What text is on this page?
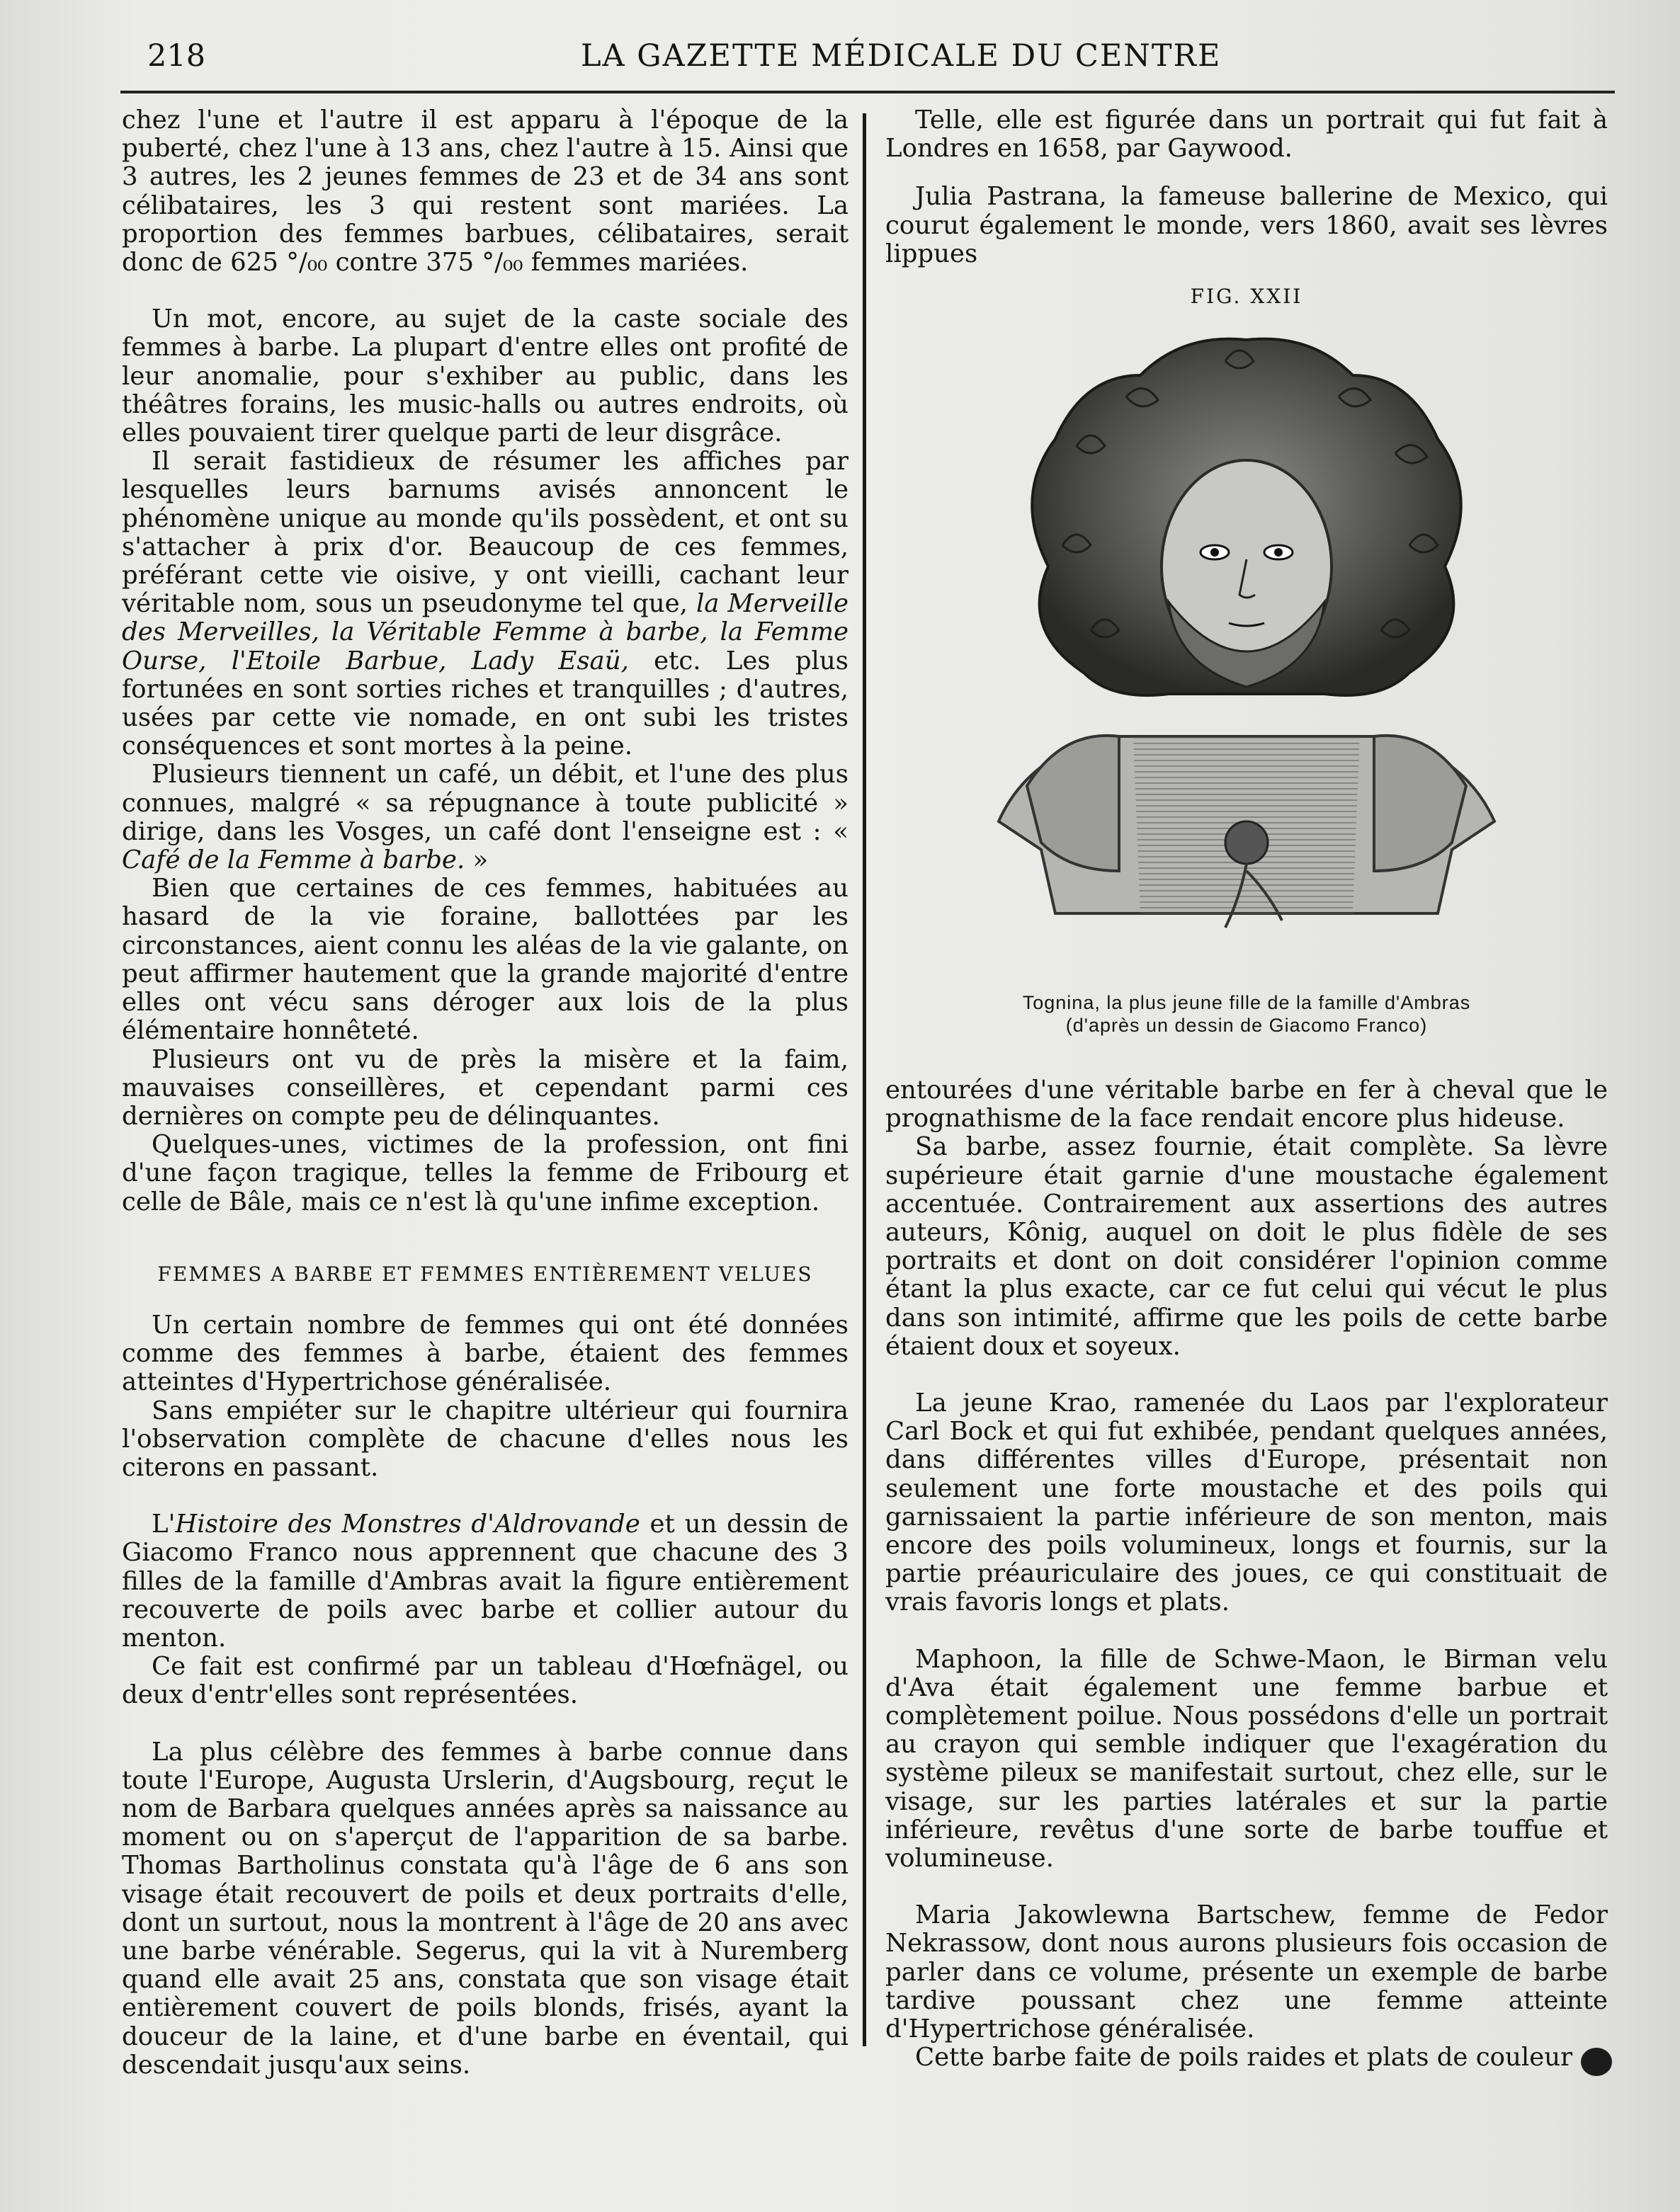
218	LA GAZETTE MÉDICALE DU CENTRE

chez l'une et l'autre il est apparu à l'époque de la puberté, chez l'une à 13 ans, chez l'autre à 15. Ainsi que 3 autres, les 2 jeunes femmes de 23 et de 34 ans sont célibataires, les 3 qui restent sont mariées. La proportion des femmes barbues, célibataires, serait donc de 625 °/₀₀ contre 375 °/₀₀ femmes mariées.

Un mot, encore, au sujet de la caste sociale des femmes à barbe. La plupart d'entre elles ont profité de leur anomalie, pour s'exhiber au public, dans les théâtres forains, les music-halls ou autres endroits, où elles pouvaient tirer quelque parti de leur disgrâce.

Il serait fastidieux de résumer les affiches par lesquelles leurs barnums avisés annoncent le phénomène unique au monde qu'ils possèdent, et ont su s'attacher à prix d'or. Beaucoup de ces femmes, préférant cette vie oisive, y ont vieilli, cachant leur véritable nom, sous un pseudonyme tel que, la Merveille des Merveilles, la Véritable Femme à barbe, la Femme Ourse, l'Etoile Barbue, Lady Esaü, etc. Les plus fortunées en sont sorties riches et tranquilles ; d'autres, usées par cette vie nomade, en ont subi les tristes conséquences et sont mortes à la peine.

Plusieurs tiennent un café, un débit, et l'une des plus connues, malgré « sa répugnance à toute publicité » dirige, dans les Vosges, un café dont l'enseigne est : « Café de la Femme à barbe. »

Bien que certaines de ces femmes, habituées au hasard de la vie foraine, ballottées par les circonstances, aient connu les aléas de la vie galante, on peut affirmer hautement que la grande majorité d'entre elles ont vécu sans déroger aux lois de la plus élémentaire honnêteté.

Plusieurs ont vu de près la misère et la faim, mauvaises conseillères, et cependant parmi ces dernières on compte peu de délinquantes.

Quelques-unes, victimes de la profession, ont fini d'une façon tragique, telles la femme de Fribourg et celle de Bâle, mais ce n'est là qu'une infime exception.

FEMMES A BARBE ET FEMMES ENTIÈREMENT VELUES

Un certain nombre de femmes qui ont été données comme des femmes à barbe, étaient des femmes atteintes d'Hypertrichose généralisée.

Sans empiéter sur le chapitre ultérieur qui fournira l'observation complète de chacune d'elles nous les citerons en passant.

L'Histoire des Monstres d'Aldrovande et un dessin de Giacomo Franco nous apprennent que chacune des 3 filles de la famille d'Ambras avait la figure entièrement recouverte de poils avec barbe et collier autour du menton.

Ce fait est confirmé par un tableau d'Hœfnägel, ou deux d'entr'elles sont représentées.

La plus célèbre des femmes à barbe connue dans toute l'Europe, Augusta Urslerin, d'Augsbourg, reçut le nom de Barbara quelques années après sa naissance au moment ou on s'aperçut de l'apparition de sa barbe. Thomas Bartholinus constata qu'à l'âge de 6 ans son visage était recouvert de poils et deux portraits d'elle, dont un surtout, nous la montrent à l'âge de 20 ans avec une barbe vénérable. Segerus, qui la vit à Nuremberg quand elle avait 25 ans, constata que son visage était entièrement couvert de poils blonds, frisés, ayant la douceur de la laine, et d'une barbe en éventail, qui descendait jusqu'aux seins.

Telle, elle est figurée dans un portrait qui fut fait à Londres en 1658, par Gaywood.

Julia Pastrana, la fameuse ballerine de Mexico, qui courut également le monde, vers 1860, avait ses lèvres lippues

FIG. XXII
Tognina, la plus jeune fille de la famille d'Ambras
(d'après un dessin de Giacomo Franco)

entourées d'une véritable barbe en fer à cheval que le prognathisme de la face rendait encore plus hideuse.

Sa barbe, assez fournie, était complète. Sa lèvre supérieure était garnie d'une moustache également accentuée. Contrairement aux assertions des autres auteurs, Kônig, auquel on doit le plus fidèle de ses portraits et dont on doit considérer l'opinion comme étant la plus exacte, car ce fut celui qui vécut le plus dans son intimité, affirme que les poils de cette barbe étaient doux et soyeux.

La jeune Krao, ramenée du Laos par l'explorateur Carl Bock et qui fut exhibée, pendant quelques années, dans différentes villes d'Europe, présentait non seulement une forte moustache et des poils qui garnissaient la partie inférieure de son menton, mais encore des poils volumineux, longs et fournis, sur la partie préauriculaire des joues, ce qui constituait de vrais favoris longs et plats.

Maphoon, la fille de Schwe-Maon, le Birman velu d'Ava était également une femme barbue et complètement poilue. Nous possédons d'elle un portrait au crayon qui semble indiquer que l'exagération du système pileux se manifestait surtout, chez elle, sur le visage, sur les parties latérales et sur la partie inférieure, revêtus d'une sorte de barbe touffue et volumineuse.

Maria Jakowlewna Bartschew, femme de Fedor Nekrassow, dont nous aurons plusieurs fois occasion de parler dans ce volume, présente un exemple de barbe tardive poussant chez une femme atteinte d'Hypertrichose généralisée.

Cette barbe faite de poils raides et plats de couleur
